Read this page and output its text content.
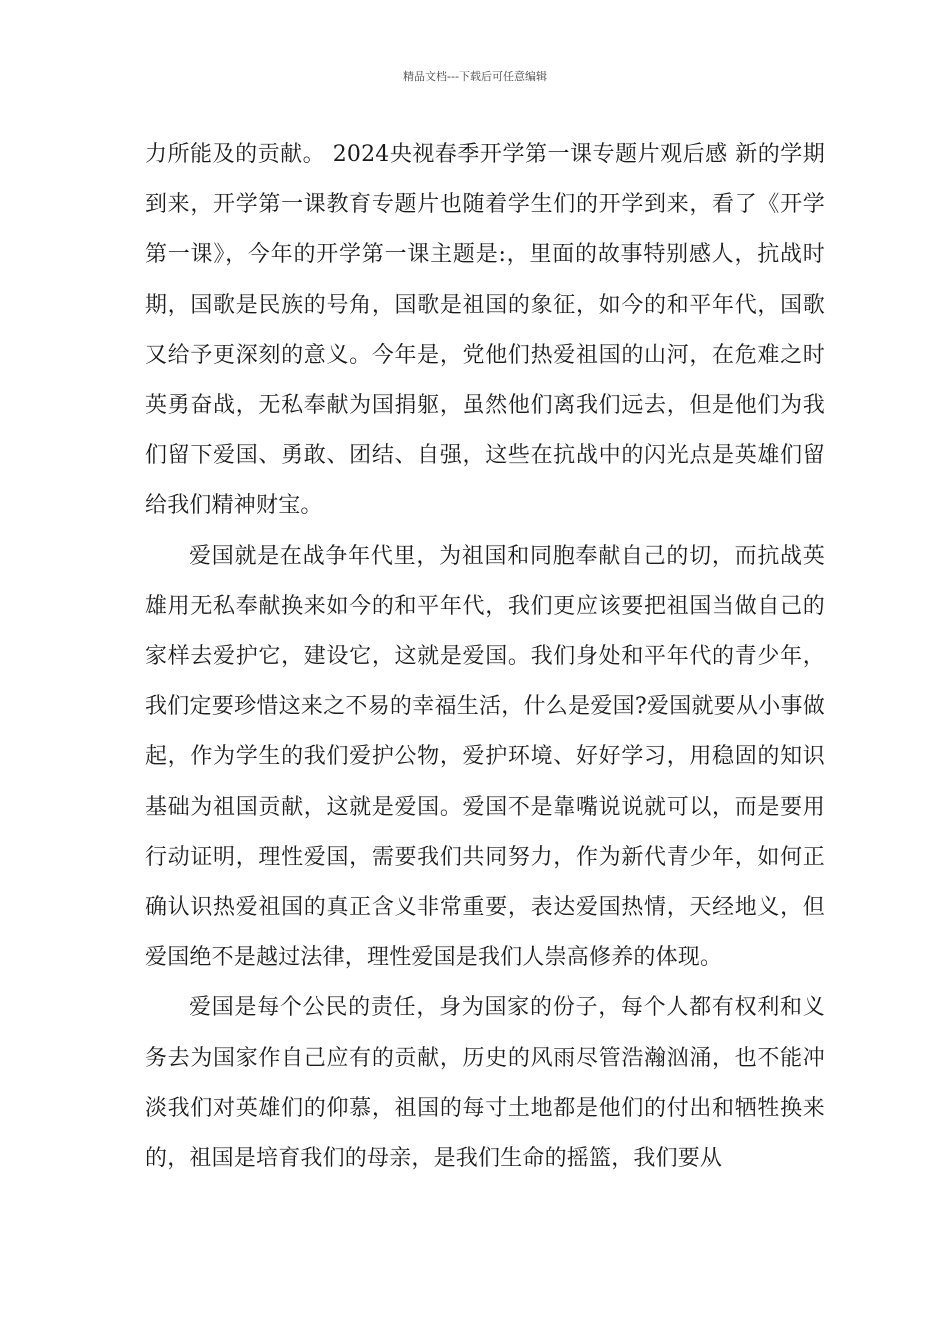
精品文档---下载后可任意编辑

力所能及的贡献。 2024央视春季开学第一课专题片观后感 新的学期到来，开学第一课教育专题片也随着学生们的开学到来，看了《开学第一课》，今年的开学第一课主题是:，里面的故事特别感人，抗战时期，国歌是民族的号角，国歌是祖国的象征，如今的和平年代，国歌又给予更深刻的意义。今年是，党他们热爱祖国的山河，在危难之时英勇奋战，无私奉献为国捐躯，虽然他们离我们远去，但是他们为我们留下爱国、勇敢、团结、自强，这些在抗战中的闪光点是英雄们留给我们精神财宝。

爱国就是在战争年代里，为祖国和同胞奉献自己的切，而抗战英雄用无私奉献换来如今的和平年代，我们更应该要把祖国当做自己的家样去爱护它，建设它，这就是爱国。我们身处和平年代的青少年，我们定要珍惜这来之不易的幸福生活，什么是爱国?爱国就要从小事做起，作为学生的我们爱护公物，爱护环境、好好学习，用稳固的知识基础为祖国贡献，这就是爱国。爱国不是靠嘴说说就可以，而是要用行动证明，理性爱国，需要我们共同努力，作为新代青少年，如何正确认识热爱祖国的真正含义非常重要，表达爱国热情，天经地义，但爱国绝不是越过法律，理性爱国是我们人崇高修养的体现。

爱国是每个公民的责任，身为国家的份子，每个人都有权利和义务去为国家作自己应有的贡献，历史的风雨尽管浩瀚汹涌，也不能冲淡我们对英雄们的仰慕，祖国的每寸土地都是他们的付出和牺牲换来的，祖国是培育我们的母亲，是我们生命的摇篮，我们要从
